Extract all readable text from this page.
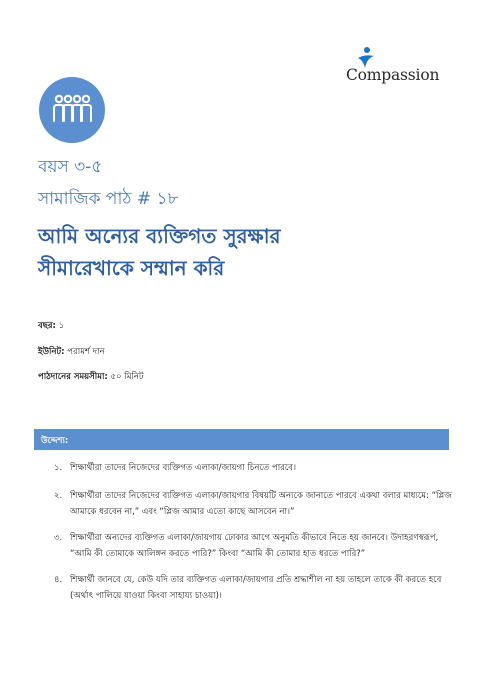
Compassion
বয়স ৩-৫
সামাজিক পাঠ # ১৮
আমি অন্যের ব্যক্তিগত সুরক্ষার
সীমারেখাকে সম্মান করি
বছর: ১
ইউনিট: পরামর্শ দান
পাঠদানের সময়সীমা: ৫০ মিনিট
উদ্দেশ্য:
১. শিক্ষার্থীরা তাদের নিজেদের ব্যক্তিগত এলাকা/জায়গা চিনতে পারবে।
২. শিক্ষার্থীরা তাদের নিজেদের ব্যক্তিগত এলাকা/জায়গার বিষয়টি অন্যকে জানাতে পারবে একথা বলার মাধ্যমে: “প্লিজ আমাকে ধরবেন না,” এবং “প্লিজ আমার এতো কাছে আসবেন না।”
৩. শিক্ষার্থীরা অন্যদের ব্যক্তিগত এলাকা/জায়গায় ঢোকার আগে অনুমতি কীভাবে নিতে হয় জানবে। উদাহরণস্বরূপ, “আমি কী তোমাকে আলিঙ্গন করতে পারি?” কিংবা “আমি কী তোমার হাত ধরতে পারি?”
৪. শিক্ষার্থী জানবে যে, কেউ যদি তার ব্যক্তিগত এলাকা/জায়গার প্রতি শ্রদ্ধাশীল না হয় তাহলে তাকে কী করতে হবে (অর্থাৎ পালিয়ে যাওয়া কিংবা সাহায্য চাওয়া)।
